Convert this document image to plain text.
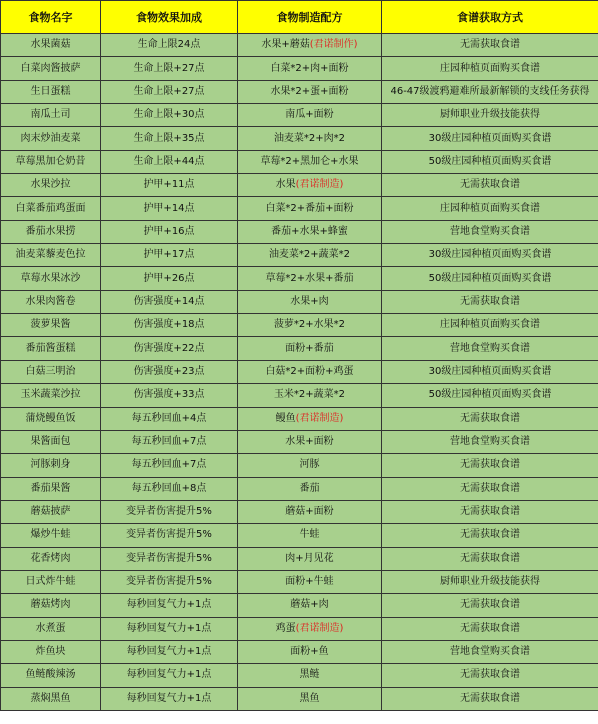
食物名字	食物效果加成	食物制造配方	食谱获取方式
水果菌菇	生命上限24点	水果+蘑菇(君诺制作)	无需获取食谱
白菜肉酱披萨	生命上限+27点	白菜*2+肉+面粉	庄园种植页面购买食谱
生日蛋糕	生命上限+27点	水果*2+蛋+面粉	46-47级渡鸦避难所最新解锁的支线任务获得
南瓜土司	生命上限+30点	南瓜+面粉	厨师职业升级技能获得
肉末炒油麦菜	生命上限+35点	油麦菜*2+肉*2	30级庄园种植页面购买食谱
草莓黑加仑奶昔	生命上限+44点	草莓*2+黑加仑+水果	50级庄园种植页面购买食谱
水果沙拉	护甲+11点	水果(君诺制造)	无需获取食谱
白菜番茄鸡蛋面	护甲+14点	白菜*2+番茄+面粉	庄园种植页面购买食谱
番茄水果捞	护甲+16点	番茄+水果+蜂蜜	营地食堂购买食谱
油麦菜藜麦色拉	护甲+17点	油麦菜*2+蔬菜*2	30级庄园种植页面购买食谱
草莓水果冰沙	护甲+26点	草莓*2+水果+番茄	50级庄园种植页面购买食谱
水果肉酱卷	伤害强度+14点	水果+肉	无需获取食谱
菠萝果酱	伤害强度+18点	菠萝*2+水果*2	庄园种植页面购买食谱
番茄酱蛋糕	伤害强度+22点	面粉+番茄	营地食堂购买食谱
白菇三明治	伤害强度+23点	白菇*2+面粉+鸡蛋	30级庄园种植页面购买食谱
玉米蔬菜沙拉	伤害强度+33点	玉米*2+蔬菜*2	50级庄园种植页面购买食谱
蒲烧鳗鱼饭	每五秒回血+4点	鳗鱼(君诺制造)	无需获取食谱
果酱面包	每五秒回血+7点	水果+面粉	营地食堂购买食谱
河豚刺身	每五秒回血+7点	河豚	无需获取食谱
番茄果酱	每五秒回血+8点	番茄	无需获取食谱
蘑菇披萨	变异者伤害提升5%	蘑菇+面粉	无需获取食谱
爆炒牛蛙	变异者伤害提升5%	牛蛙	无需获取食谱
花香烤肉	变异者伤害提升5%	肉+月见花	无需获取食谱
日式炸牛蛙	变异者伤害提升5%	面粉+牛蛙	厨师职业升级技能获得
蘑菇烤肉	每秒回复气力+1点	蘑菇+肉	无需获取食谱
水煮蛋	每秒回复气力+1点	鸡蛋(君诺制造)	无需获取食谱
炸鱼块	每秒回复气力+1点	面粉+鱼	营地食堂购买食谱
鱼鲢酸辣汤	每秒回复气力+1点	黑鲢	无需获取食谱
蒸焖黑鱼	每秒回复气力+1点	黑鱼	无需获取食谱
